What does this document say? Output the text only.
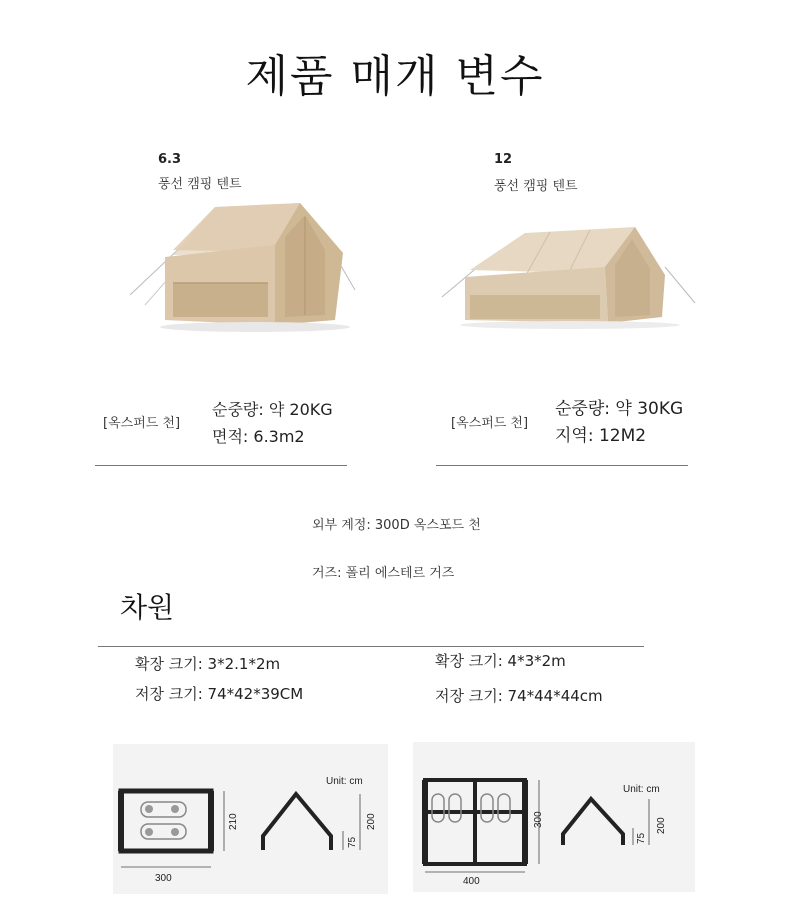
제품 매개 변수
6.3
풍선 캠핑 텐트
12
풍선 캠핑 텐트
[옥스퍼드 천]
순중량: 약 20KG
면적: 6.3m2
[옥스퍼드 천]
순중량: 약 30KG
지역: 12M2
외부 계정: 300D 옥스포드 천
거즈: 폴리 에스테르 거즈
차원
확장 크기: 3*2.1*2m
저장 크기: 74*42*39CM
확장 크기: 4*3*2m
저장 크기: 74*44*44cm
300
210
Unit: cm
200
75
400
300
Unit: cm
200
75
